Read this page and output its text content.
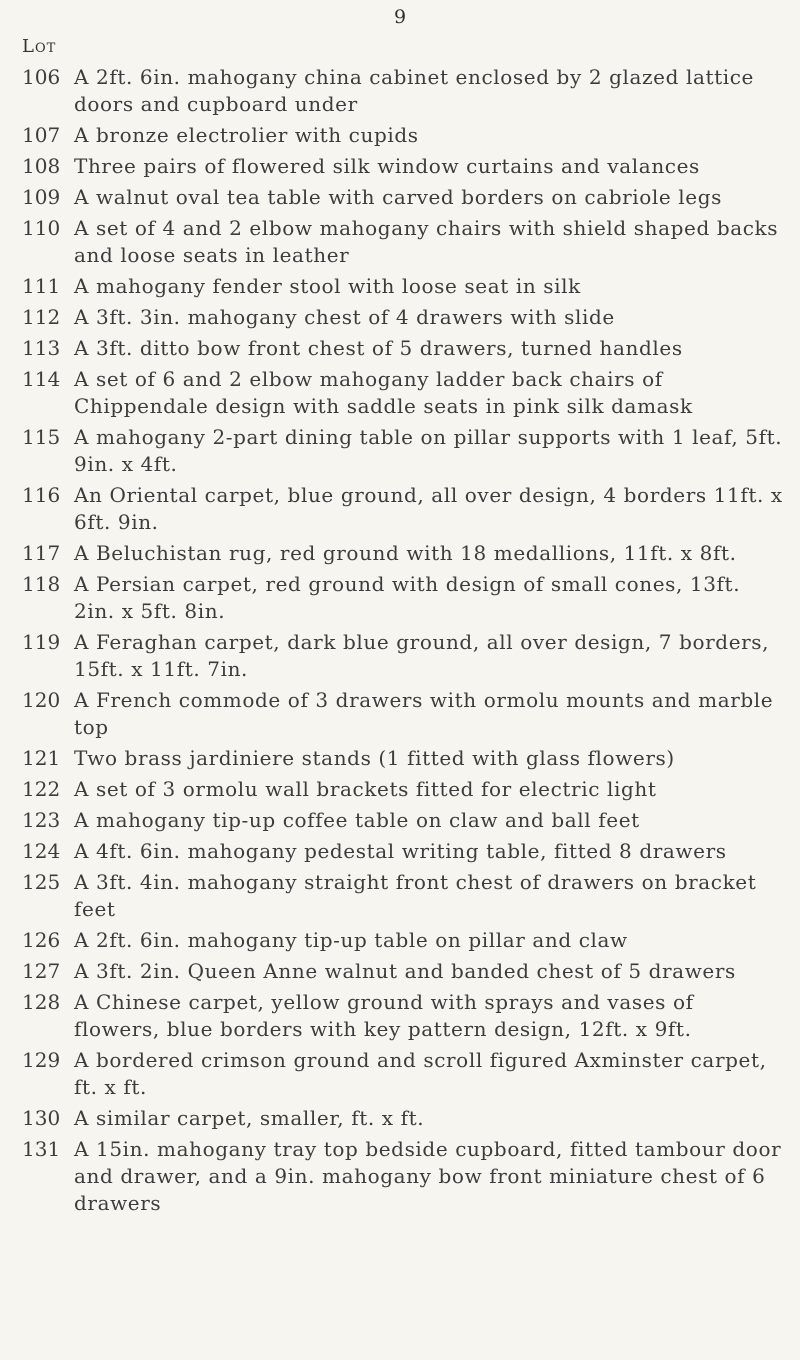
9
Lot
106 A 2ft. 6in. mahogany china cabinet enclosed by 2 glazed lattice doors and cupboard under
107 A bronze electrolier with cupids
108 Three pairs of flowered silk window curtains and valances
109 A walnut oval tea table with carved borders on cabriole legs
110 A set of 4 and 2 elbow mahogany chairs with shield shaped backs and loose seats in leather
111 A mahogany fender stool with loose seat in silk
112 A 3ft. 3in. mahogany chest of 4 drawers with slide
113 A 3ft. ditto bow front chest of 5 drawers, turned handles
114 A set of 6 and 2 elbow mahogany ladder back chairs of Chippendale design with saddle seats in pink silk damask
115 A mahogany 2-part dining table on pillar supports with 1 leaf, 5ft. 9in. x 4ft.
116 An Oriental carpet, blue ground, all over design, 4 borders 11ft. x 6ft. 9in.
117 A Beluchistan rug, red ground with 18 medallions, 11ft. x 8ft.
118 A Persian carpet, red ground with design of small cones, 13ft. 2in. x 5ft. 8in.
119 A Feraghan carpet, dark blue ground, all over design, 7 borders, 15ft. x 11ft. 7in.
120 A French commode of 3 drawers with ormolu mounts and marble top
121 Two brass jardiniere stands (1 fitted with glass flowers)
122 A set of 3 ormolu wall brackets fitted for electric light
123 A mahogany tip-up coffee table on claw and ball feet
124 A 4ft. 6in. mahogany pedestal writing table, fitted 8 drawers
125 A 3ft. 4in. mahogany straight front chest of drawers on bracket feet
126 A 2ft. 6in. mahogany tip-up table on pillar and claw
127 A 3ft. 2in. Queen Anne walnut and banded chest of 5 drawers
128 A Chinese carpet, yellow ground with sprays and vases of flowers, blue borders with key pattern design, 12ft. x 9ft.
129 A bordered crimson ground and scroll figured Axminster carpet, ft. x ft.
130 A similar carpet, smaller, ft. x ft.
131 A 15in. mahogany tray top bedside cupboard, fitted tambour door and drawer, and a 9in. mahogany bow front miniature chest of 6 drawers
